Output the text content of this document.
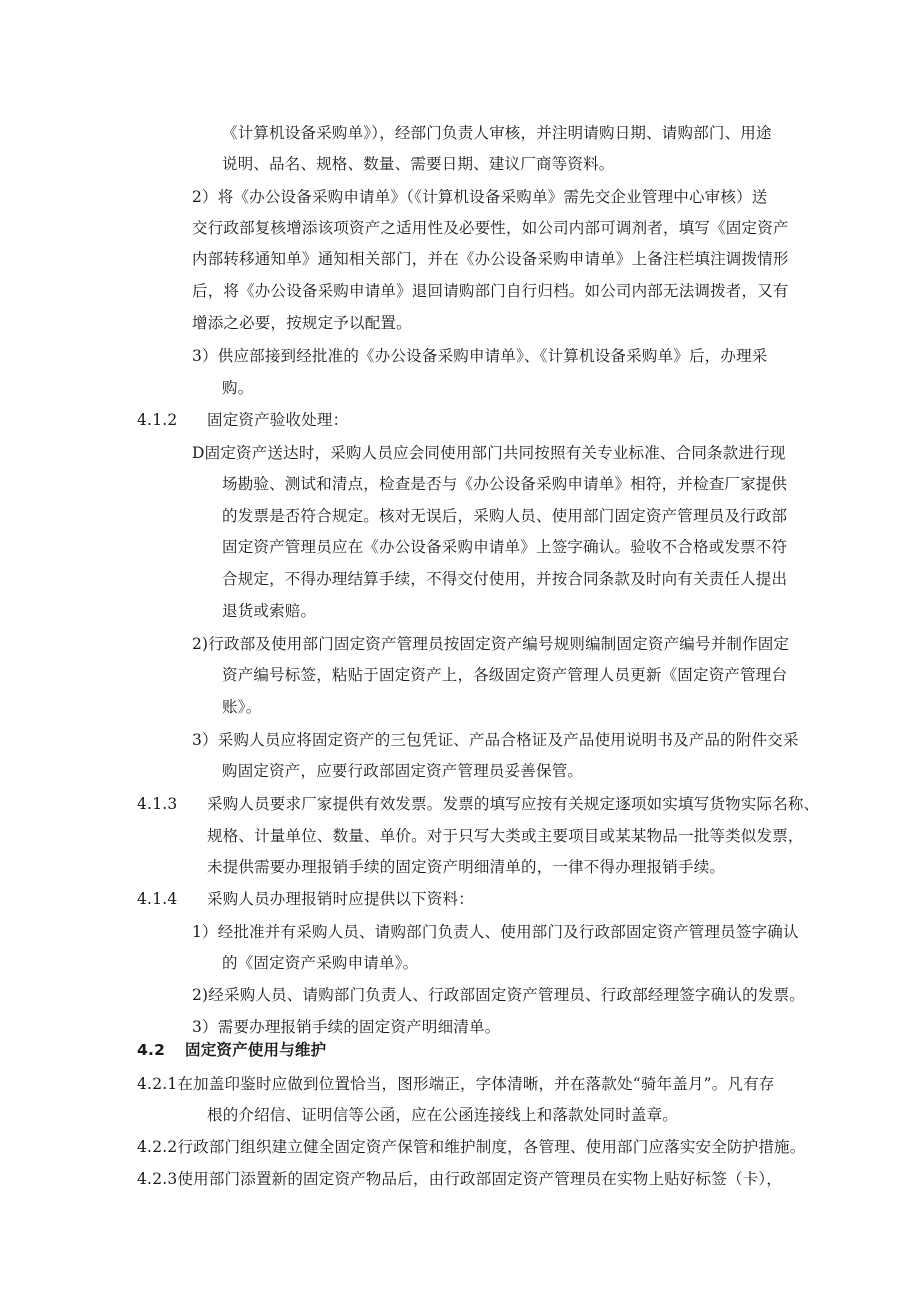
《计算机设备采购单》），经部门负责人审核，并注明请购日期、请购部门、用途
说明、品名、规格、数量、需要日期、建议厂商等资料。
2）将《办公设备采购申请单》（《计算机设备采购单》需先交企业管理中心审核）送
交行政部复核增添该项资产之适用性及必要性，如公司内部可调剂者，填写《固定资产
内部转移通知单》通知相关部门，并在《办公设备采购申请单》上备注栏填注调拨情形
后，将《办公设备采购申请单》退回请购部门自行归档。如公司内部无法调拨者，又有
增添之必要，按规定予以配置。
3）供应部接到经批准的《办公设备采购申请单》、《计算机设备采购单》后，办理采
购。
4.1.2 固定资产验收处理：
D固定资产送达时，采购人员应会同使用部门共同按照有关专业标准、合同条款进行现
场勘验、测试和清点，检查是否与《办公设备采购申请单》相符，并检查厂家提供
的发票是否符合规定。核对无误后，采购人员、使用部门固定资产管理员及行政部
固定资产管理员应在《办公设备采购申请单》上签字确认。验收不合格或发票不符
合规定，不得办理结算手续，不得交付使用，并按合同条款及时向有关责任人提出
退货或索赔。
2)行政部及使用部门固定资产管理员按固定资产编号规则编制固定资产编号并制作固定
资产编号标签，粘贴于固定资产上，各级固定资产管理人员更新《固定资产管理台
账》。
3）采购人员应将固定资产的三包凭证、产品合格证及产品使用说明书及产品的附件交采
购固定资产，应要行政部固定资产管理员妥善保管。
4.1.3 采购人员要求厂家提供有效发票。发票的填写应按有关规定逐项如实填写货物实际名称、
规格、计量单位、数量、单价。对于只写大类或主要项目或某某物品一批等类似发票，
未提供需要办理报销手续的固定资产明细清单的，一律不得办理报销手续。
4.1.4 采购人员办理报销时应提供以下资料：
1）经批准并有采购人员、请购部门负责人、使用部门及行政部固定资产管理员签字确认
的《固定资产采购申请单》。
2)经采购人员、请购部门负责人、行政部固定资产管理员、行政部经理签字确认的发票。
3）需要办理报销手续的固定资产明细清单。
4.2 固定资产使用与维护
4.2.1在加盖印鉴时应做到位置恰当，图形端正，字体清晰，并在落款处“骑年盖月”。凡有存
根的介绍信、证明信等公函，应在公函连接线上和落款处同时盖章。
4.2.2行政部门组织建立健全固定资产保管和维护制度，各管理、使用部门应落实安全防护措施。
4.2.3使用部门添置新的固定资产物品后，由行政部固定资产管理员在实物上贴好标签（卡），
